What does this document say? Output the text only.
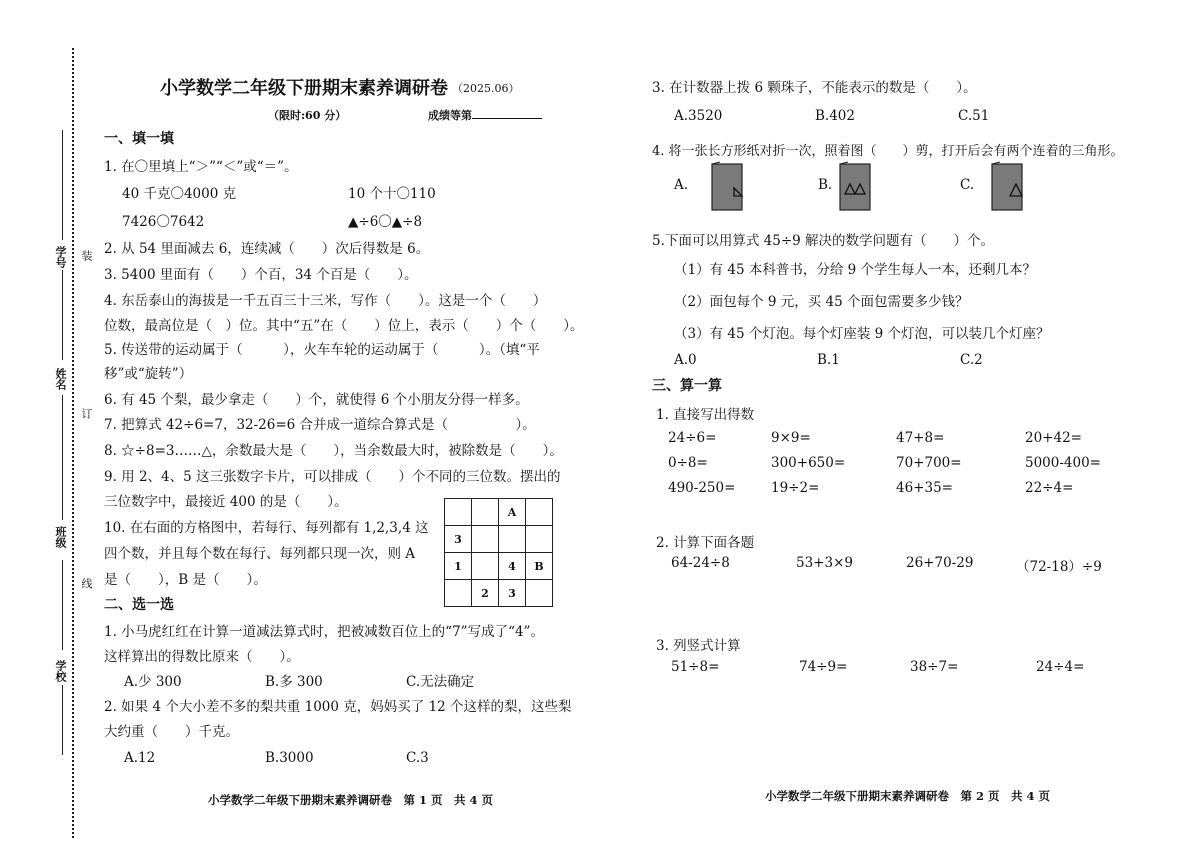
学号
姓名
班级
学校
装
订
线
小学数学二年级下册期末素养调研卷 （2025.06）
（限时:60 分）	成绩等第
一、填一填
1. 在〇里填上“＞”“＜”或“＝”。
40 千克〇4000 克	10 个十〇110
7426〇7642	▲÷6〇▲÷8
2. 从 54 里面减去 6，连续减（　　）次后得数是 6。
3. 5400 里面有（　　）个百，34 个百是（　　）。
4. 东岳泰山的海拔是一千五百三十三米，写作（　　）。这是一个（　　）
位数，最高位是（　）位。其中“五”在（　　）位上，表示（　　）个（　　）。
5. 传送带的运动属于（　　　），火车车轮的运动属于（　　　）。（填“平
移”或“旋转”）
6. 有 45 个梨，最少拿走（　　）个，就使得 6 个小朋友分得一样多。
7. 把算式 42÷6=7，32-26=6 合并成一道综合算式是（　　　　　）。
8. ☆÷8=3……△，余数最大是（　　），当余数最大时，被除数是（　　）。
9. 用 2、4、5 这三张数字卡片，可以排成（　　）个不同的三位数。摆出的
三位数字中，最接近 400 的是（　　）。
10. 在右面的方格图中，若每行、每列都有 1,2,3,4 这
四个数，并且每个数在每行、每列都只现一次，则 A
是（　　），B 是（　　）。
		A	
3			
1		4	B
	2	3	
二、选一选
1. 小马虎红红在计算一道减法算式时，把被减数百位上的“7”写成了“4”。
这样算出的得数比原来（　　）。
A.少 300	B.多 300	C.无法确定
2. 如果 4 个大小差不多的梨共重 1000 克，妈妈买了 12 个这样的梨，这些梨
大约重（　　）千克。
A.12	B.3000	C.3
小学数学二年级下册期末素养调研卷　第 1 页　共 4 页
3. 在计数器上拨 6 颗珠子，不能表示的数是（　　）。
A.3520	B.402	C.51
4. 将一张长方形纸对折一次，照着图（　　）剪，打开后会有两个连着的三角形。
A.	B.	C.
5.下面可以用算式 45÷9 解决的数学问题有（　　）个。
（1）有 45 本科普书，分给 9 个学生每人一本，还剩几本？
（2）面包每个 9 元，买 45 个面包需要多少钱？
（3）有 45 个灯泡。每个灯座装 9 个灯泡，可以装几个灯座？
A.0	B.1	C.2
三、算一算
1. 直接写出得数
24÷6=	9×9=	47+8=	20+42=
0÷8=	300+650=	70+700=	5000-400=
490-250=	19÷2=	46+35=	22÷4=
2. 计算下面各题
64-24÷8	53+3×9	26+70-29	（72-18）÷9
3. 列竖式计算
51÷8=	74÷9=	38÷7=	24÷4=
小学数学二年级下册期末素养调研卷　第 2 页　共 4 页
